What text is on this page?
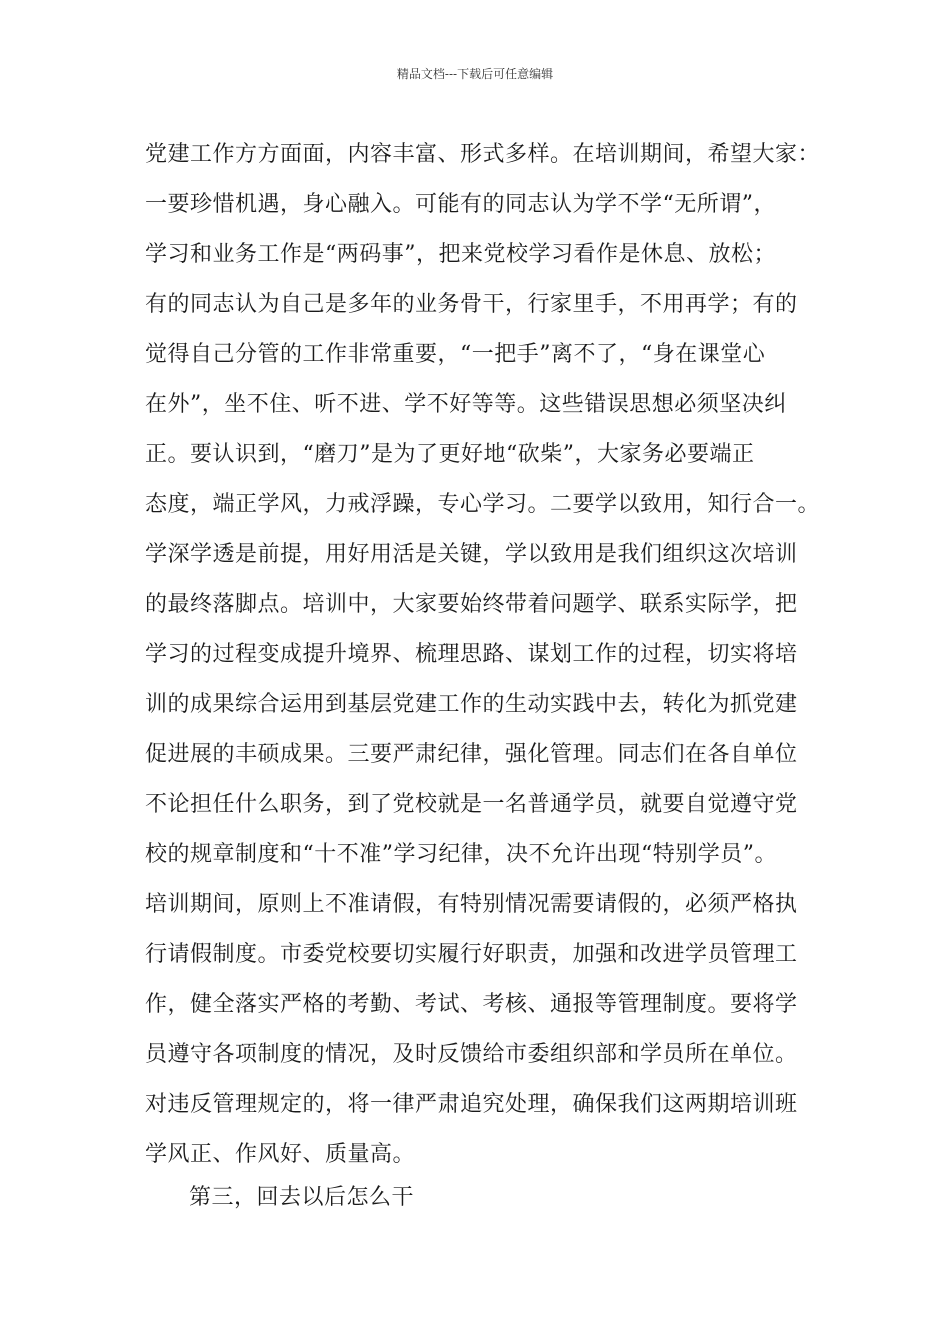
精品文档---下载后可任意编辑
党建工作方方面面，内容丰富、形式多样。在培训期间，希望大家：
一要珍惜机遇，身心融入。可能有的同志认为学不学“无所谓”，
学习和业务工作是“两码事”，把来党校学习看作是休息、放松；
有的同志认为自己是多年的业务骨干，行家里手，不用再学；有的
觉得自己分管的工作非常重要，“一把手”离不了，“身在课堂心
在外”，坐不住、听不进、学不好等等。这些错误思想必须坚决纠
正。要认识到，“磨刀”是为了更好地“砍柴”，大家务必要端正
态度，端正学风，力戒浮躁，专心学习。二要学以致用，知行合一。
学深学透是前提，用好用活是关键，学以致用是我们组织这次培训
的最终落脚点。培训中，大家要始终带着问题学、联系实际学，把
学习的过程变成提升境界、梳理思路、谋划工作的过程，切实将培
训的成果综合运用到基层党建工作的生动实践中去，转化为抓党建
促进展的丰硕成果。三要严肃纪律，强化管理。同志们在各自单位
不论担任什么职务，到了党校就是一名普通学员，就要自觉遵守党
校的规章制度和“十不准”学习纪律，决不允许出现“特别学员”。
培训期间，原则上不准请假，有特别情况需要请假的，必须严格执
行请假制度。市委党校要切实履行好职责，加强和改进学员管理工
作，健全落实严格的考勤、考试、考核、通报等管理制度。要将学
员遵守各项制度的情况，及时反馈给市委组织部和学员所在单位。
对违反管理规定的，将一律严肃追究处理，确保我们这两期培训班
学风正、作风好、质量高。
第三，回去以后怎么干
